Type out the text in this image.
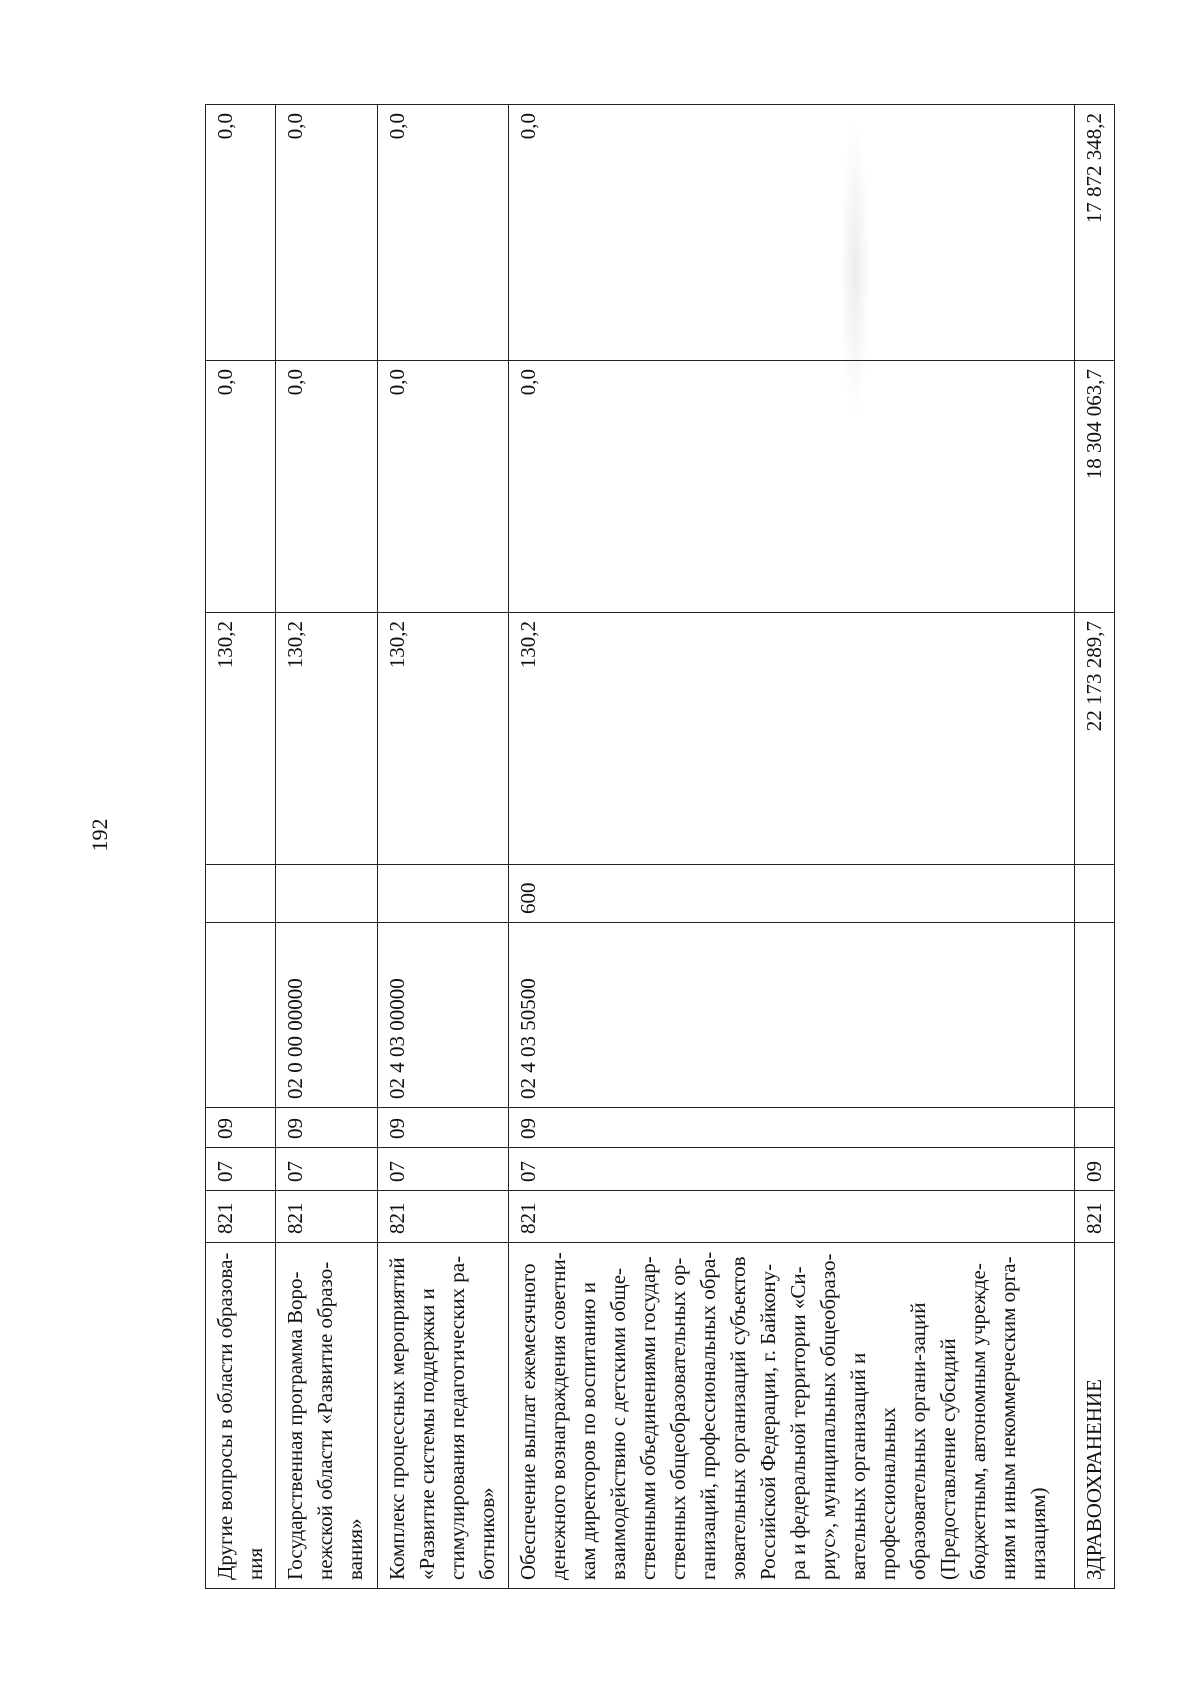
192
Другие вопросы в области образова-ния	821	07	09			130,2	0,0	0,0
Государственная программа Воро-нежской области «Развитие образо-вания»	821	07	09	02 0 00 00000		130,2	0,0	0,0
Комплекс процессных мероприятий «Развитие системы поддержки и стимулирования педагогических ра-ботников»	821	07	09	02 4 03 00000		130,2	0,0	0,0
Обеспечение выплат ежемесячного денежного вознаграждения советни-кам директоров по воспитанию и взаимодействию с детскими обще-ственными объединениями государ-ственных общеобразовательных ор-ганизаций, профессиональных обра-зовательных организаций субъектов Российской Федерации, г. Байкону-ра и федеральной территории «Си-риус», муниципальных общеобразо-вательных организаций и профессиональных образовательных органи-заций (Предоставление субсидий бюджетным, автономным учрежде-ниям и иным некоммерческим орга-низациям)	821	07	09	02 4 03 50500	600	130,2	0,0	0,0
ЗДРАВООХРАНЕНИЕ	821	09				22 173 289,7	18 304 063,7	17 872 348,2
